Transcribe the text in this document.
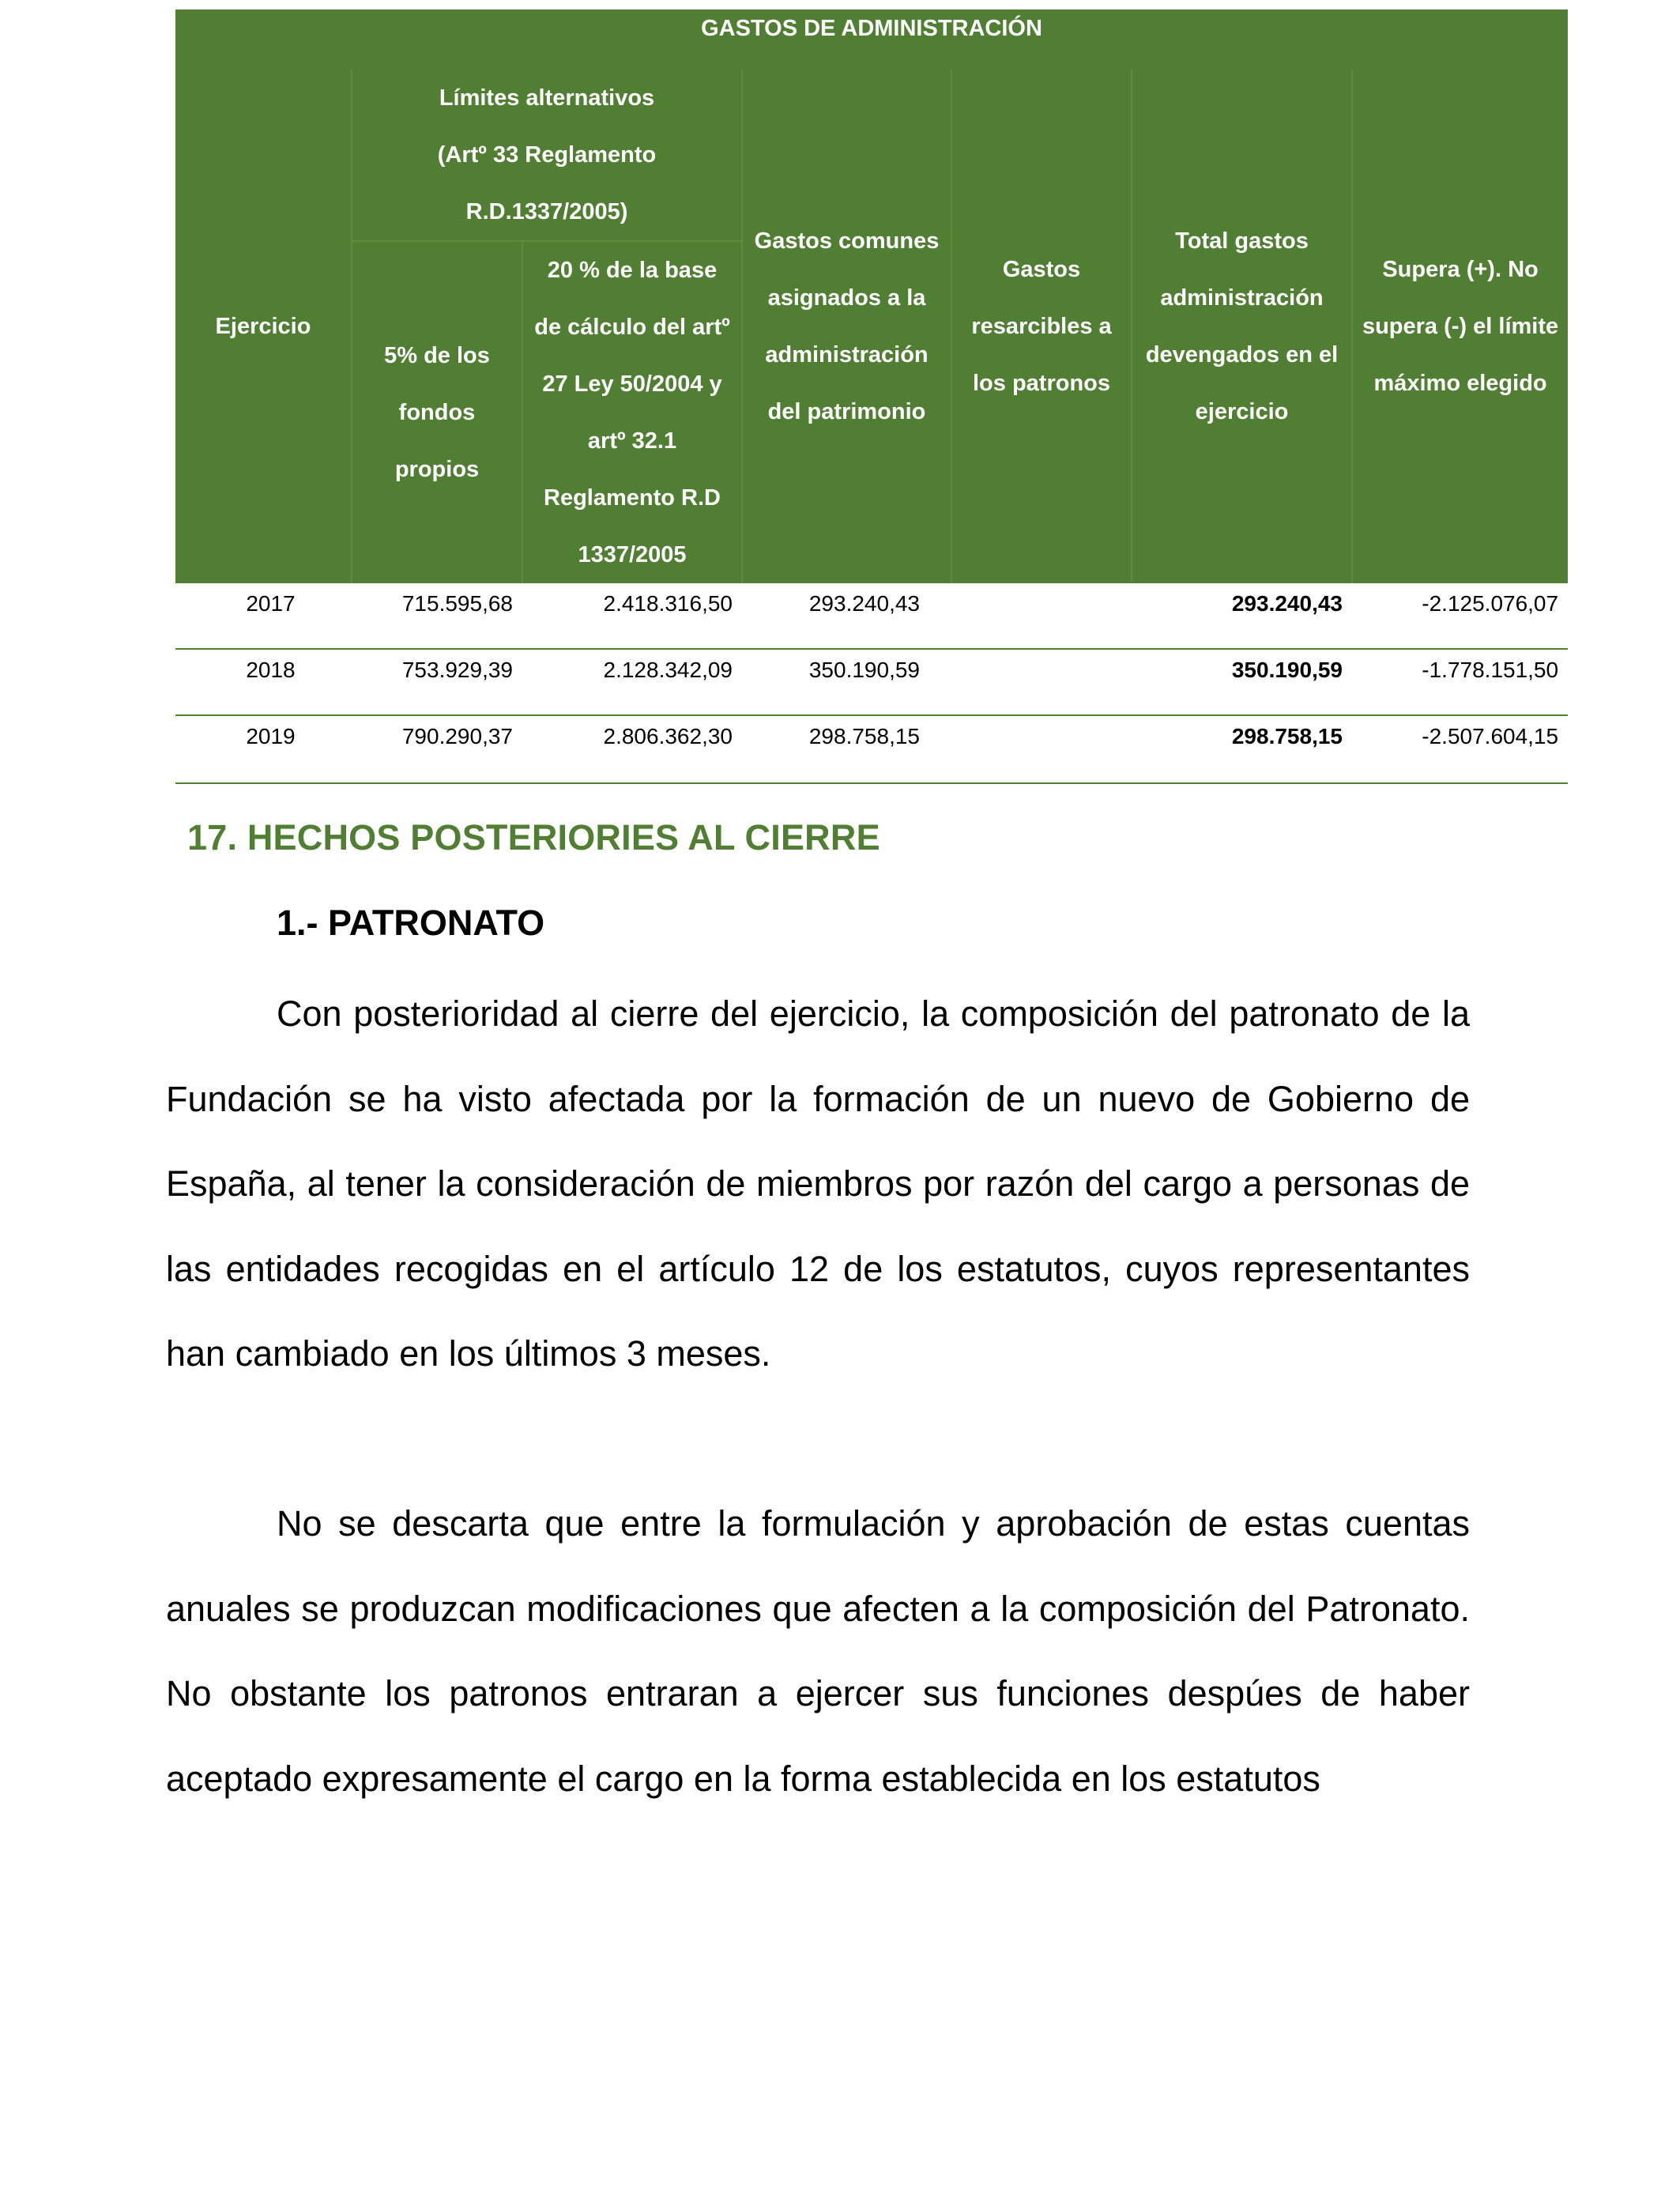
GASTOS DE ADMINISTRACIÓN						
Ejercicio	Límites alternativos
(Artº 33 Reglamento
R.D.1337/2005)		Gastos comunes asignados a la administración del patrimonio	Gastos resarcibles a los patronos	Total gastos administración devengados en el ejercicio	Supera (+). No supera (-) el límite máximo elegido
	5% de los fondos propios	20 % de la base de cálculo del artº 27 Ley 50/2004 y artº 32.1 Reglamento R.D 1337/2005				
2017	715.595,68	2.418.316,50	293.240,43		293.240,43	-2.125.076,07
2018	753.929,39	2.128.342,09	350.190,59		350.190,59	-1.778.151,50
2019	790.290,37	2.806.362,30	298.758,15		298.758,15	-2.507.604,15
17. HECHOS POSTERIORIES AL CIERRE
1.- PATRONATO

Con posterioridad al cierre del ejercicio, la composición del patronato de la Fundación se ha visto afectada por la formación de un nuevo de Gobierno de España, al tener la consideración de miembros por razón del cargo a personas de las entidades recogidas en el artículo 12 de los estatutos, cuyos representantes han cambiado en los últimos 3 meses.

No se descarta que entre la formulación y aprobación de estas cuentas anuales se produzcan modificaciones que afecten a la composición del Patronato. No obstante los patronos entraran a ejercer sus funciones despúes de haber aceptado expresamente el cargo en la forma establecida en los estatutos
